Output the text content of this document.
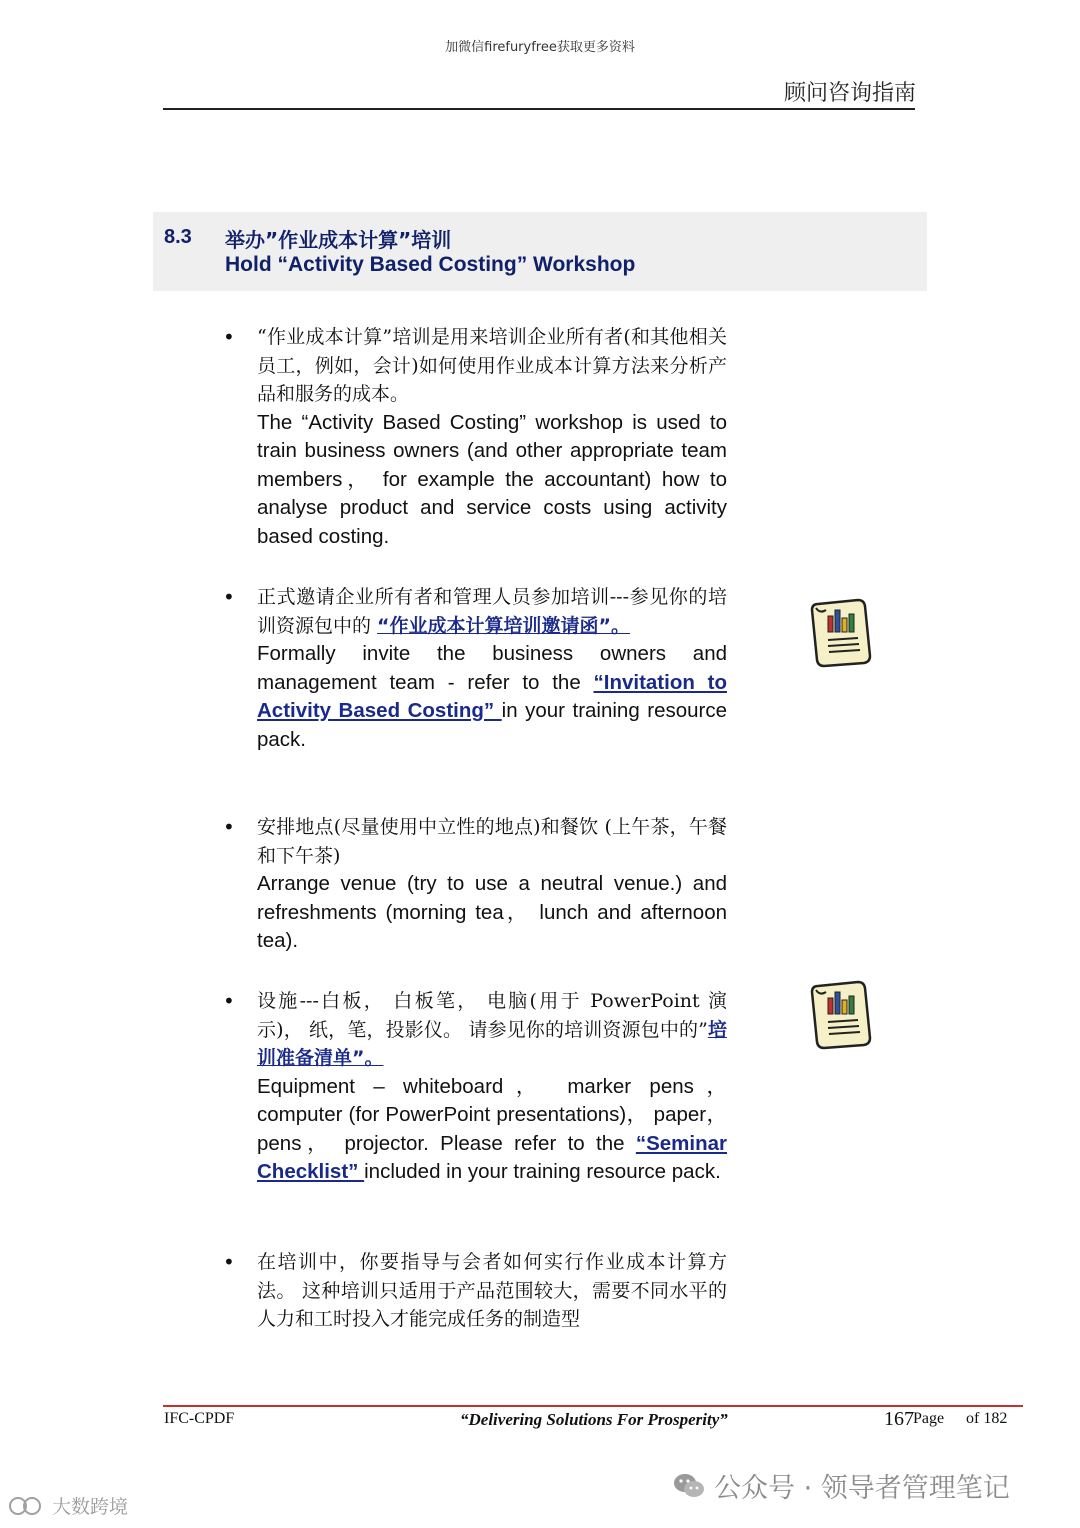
加微信firefuryfree获取更多资料
顾问咨询指南
8.3 举办”作业成本计算”培训
Hold “Activity Based Costing” Workshop
• “作业成本计算”培训是用来培训企业所有者(和其他相关员工，例如，会计)如何使用作业成本计算方法来分析产品和服务的成本。
The “Activity Based Costing” workshop is used to train business owners (and other appropriate team members， for example the accountant) how to analyse product and service costs using activity based costing.
• 正式邀请企业所有者和管理人员参加培训---参见你的培训资源包中的 “作业成本计算培训邀请函”。
Formally invite the business owners and management team - refer to the “Invitation to Activity Based Costing” in your training resource pack.
• 安排地点(尽量使用中立性的地点)和餐饮 (上午茶，午餐和下午茶)
Arrange venue (try to use a neutral venue.) and refreshments (morning tea， lunch and afternoon tea).
• 设施---白板， 白板笔， 电脑(用于 PowerPoint 演示)， 纸，笔，投影仪。 请参见你的培训资源包中的”培训准备清单”。
Equipment – whiteboard， marker pens， computer (for PowerPoint presentations)， paper， pens， projector. Please refer to the “Seminar Checklist” included in your training resource pack.
• 在培训中，你要指导与会者如何实行作业成本计算方法。 这种培训只适用于产品范围较大，需要不同水平的人力和工时投入才能完成任务的制造型
IFC-CPDF	“Delivering Solutions For Prosperity”	167 Page of 182
公众号 · 领导者管理笔记
大数跨境
